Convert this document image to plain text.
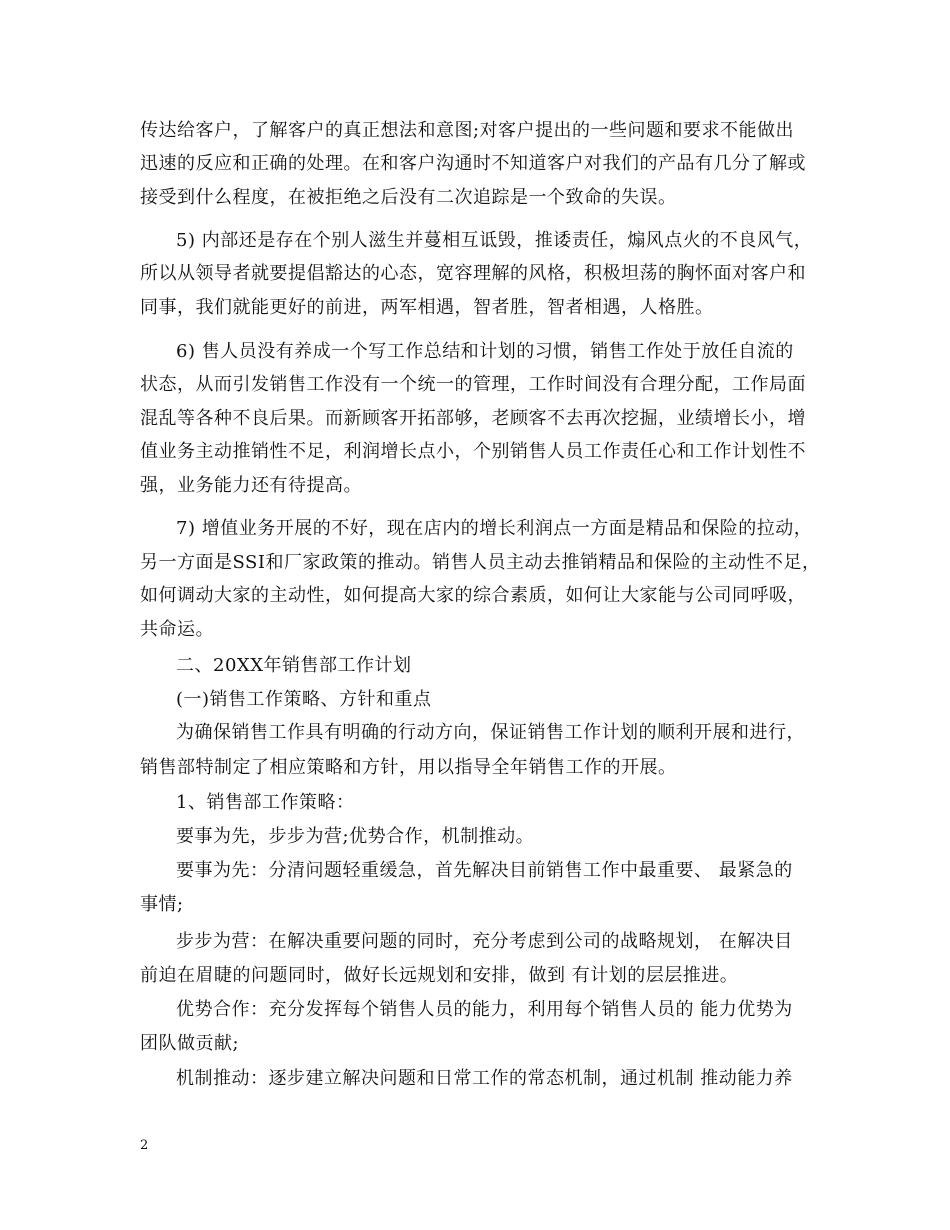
传达给客户，了解客户的真正想法和意图;对客户提出的一些问题和要求不能做出
迅速的反应和正确的处理。在和客户沟通时不知道客户对我们的产品有几分了解或
接受到什么程度，在被拒绝之后没有二次追踪是一个致命的失误。
5) 内部还是存在个别人滋生并蔓相互诋毁，推诿责任，煽风点火的不良风气，
所以从领导者就要提倡豁达的心态，宽容理解的风格，积极坦荡的胸怀面对客户和
同事，我们就能更好的前进，两军相遇，智者胜，智者相遇，人格胜。
6) 售人员没有养成一个写工作总结和计划的习惯，销售工作处于放任自流的
状态，从而引发销售工作没有一个统一的管理，工作时间没有合理分配，工作局面
混乱等各种不良后果。而新顾客开拓部够，老顾客不去再次挖掘，业绩增长小，增
值业务主动推销性不足，利润增长点小，个别销售人员工作责任心和工作计划性不
强，业务能力还有待提高。
7) 增值业务开展的不好，现在店内的增长利润点一方面是精品和保险的拉动，
另一方面是SSI和厂家政策的推动。销售人员主动去推销精品和保险的主动性不足，
如何调动大家的主动性，如何提高大家的综合素质，如何让大家能与公司同呼吸，
共命运。
二、20XX年销售部工作计划
(一)销售工作策略、方针和重点
为确保销售工作具有明确的行动方向，保证销售工作计划的顺利开展和进行，
销售部特制定了相应策略和方针，用以指导全年销售工作的开展。
1、销售部工作策略：
要事为先，步步为营;优势合作，机制推动。
要事为先：分清问题轻重缓急，首先解决目前销售工作中最重要、 最紧急的
事情;
步步为营：在解决重要问题的同时，充分考虑到公司的战略规划， 在解决目
前迫在眉睫的问题同时，做好长远规划和安排，做到 有计划的层层推进。
优势合作：充分发挥每个销售人员的能力，利用每个销售人员的 能力优势为
团队做贡献;
机制推动：逐步建立解决问题和日常工作的常态机制，通过机制 推动能力养
2
